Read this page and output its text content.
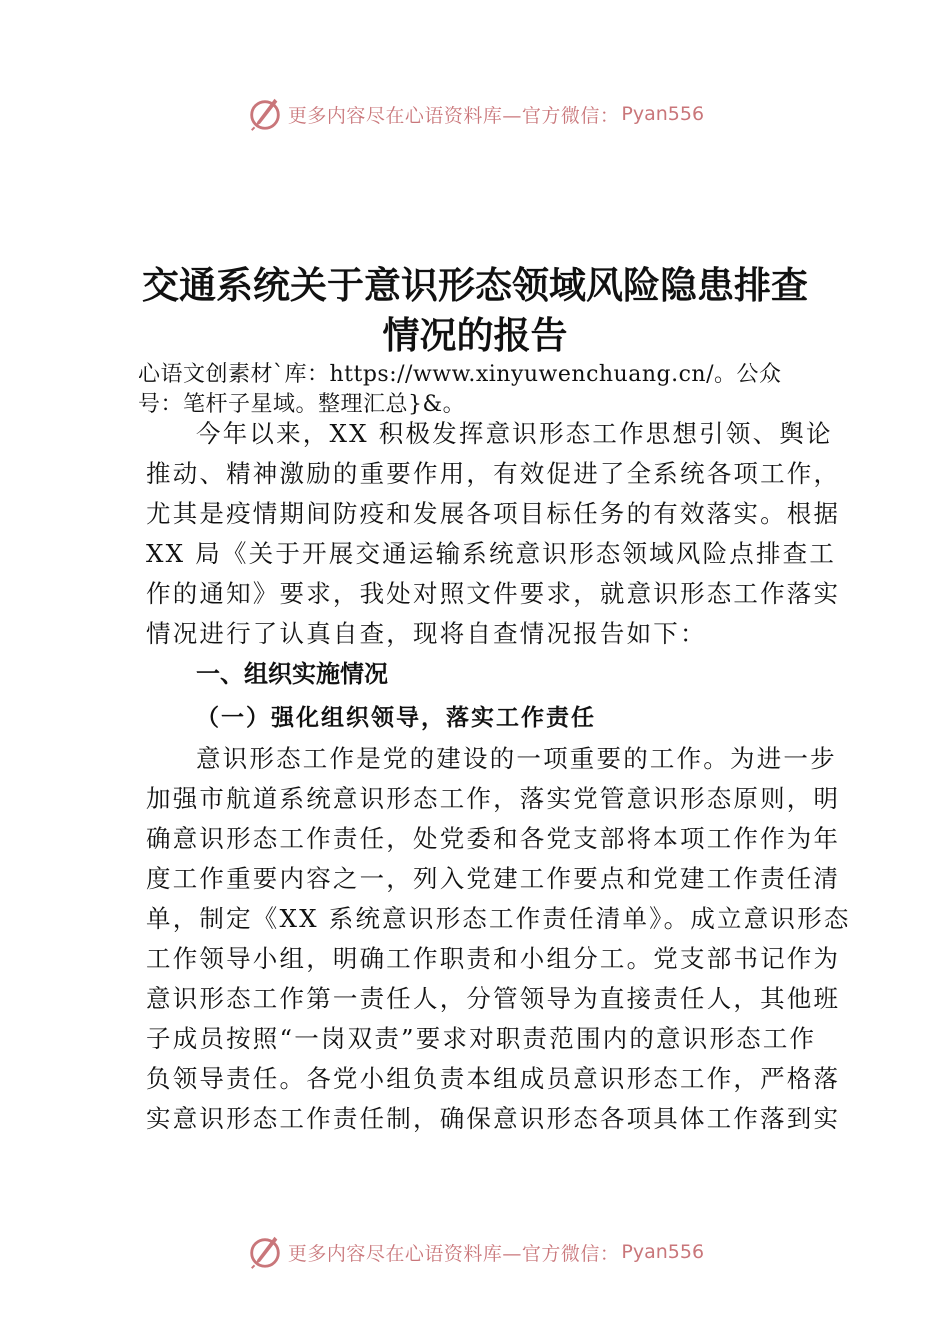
更多内容尽在心语资料库—官方微信： Pyan556
交通系统关于意识形态领域风险隐患排查
情况的报告
心语文创素材`库：https://www.xinyuwenchuang.cn/。公众
号：笔杆子星域。整理汇总}&。
今年以来，XX 积极发挥意识形态工作思想引领、舆论
推动、精神激励的重要作用，有效促进了全系统各项工作，
尤其是疫情期间防疫和发展各项目标任务的有效落实。根据
XX 局《关于开展交通运输系统意识形态领域风险点排查工
作的通知》要求，我处对照文件要求，就意识形态工作落实
情况进行了认真自查，现将自查情况报告如下：
一、组织实施情况
（一）强化组织领导，落实工作责任
意识形态工作是党的建设的一项重要的工作。为进一步
加强市航道系统意识形态工作，落实党管意识形态原则，明
确意识形态工作责任，处党委和各党支部将本项工作作为年
度工作重要内容之一，列入党建工作要点和党建工作责任清
单，制定《XX 系统意识形态工作责任清单》。成立意识形态
工作领导小组，明确工作职责和小组分工。党支部书记作为
意识形态工作第一责任人，分管领导为直接责任人，其他班
子成员按照“一岗双责”要求对职责范围内的意识形态工作
负领导责任。各党小组负责本组成员意识形态工作，严格落
实意识形态工作责任制，确保意识形态各项具体工作落到实
更多内容尽在心语资料库—官方微信： Pyan556
